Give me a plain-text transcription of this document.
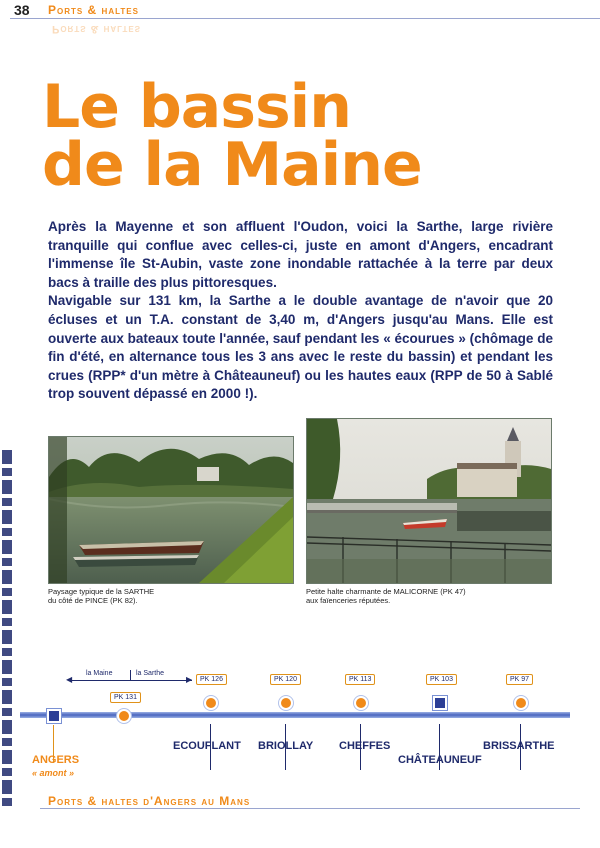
38 Ports & haltes
Ports & haltes
Le bassin
de la Maine

Après la Mayenne et son affluent l'Oudon, voici la Sarthe, large rivière tranquille qui conflue avec celles-ci, juste en amont d'Angers, encadrant l'immense île St-Aubin, vaste zone inondable rattachée à la terre par deux bacs à traille des plus pittoresques.

Navigable sur 131 km, la Sarthe a le double avantage de n'avoir que 20 écluses et un T.A. constant de 3,40 m, d'Angers jusqu'au Mans. Elle est ouverte aux bateaux toute l'année, sauf pendant les « écourues » (chômage de fin d'été, en alternance tous les 3 ans avec le reste du bassin) et pendant les crues (RPP* d'un mètre à Châteauneuf) ou les hautes eaux (RPP de 50 à Sablé trop souvent dépassé en 2000 !).

Paysage typique de la SARTHE
du côté de PINCE (PK 82).
Petite halte charmante de MALICORNE (PK 47)
aux faïenceries réputées.
◀	▶
la Maine	la Sarthe
ANGERS
« amont »
PK 131
PK 126
ECOUFLANT
PK 120
BRIOLLAY
PK 113
CHEFFES
PK 103
CHÂTEAUNEUF
PK 97
BRISSARTHE
Ports & haltes d'Angers au Mans
